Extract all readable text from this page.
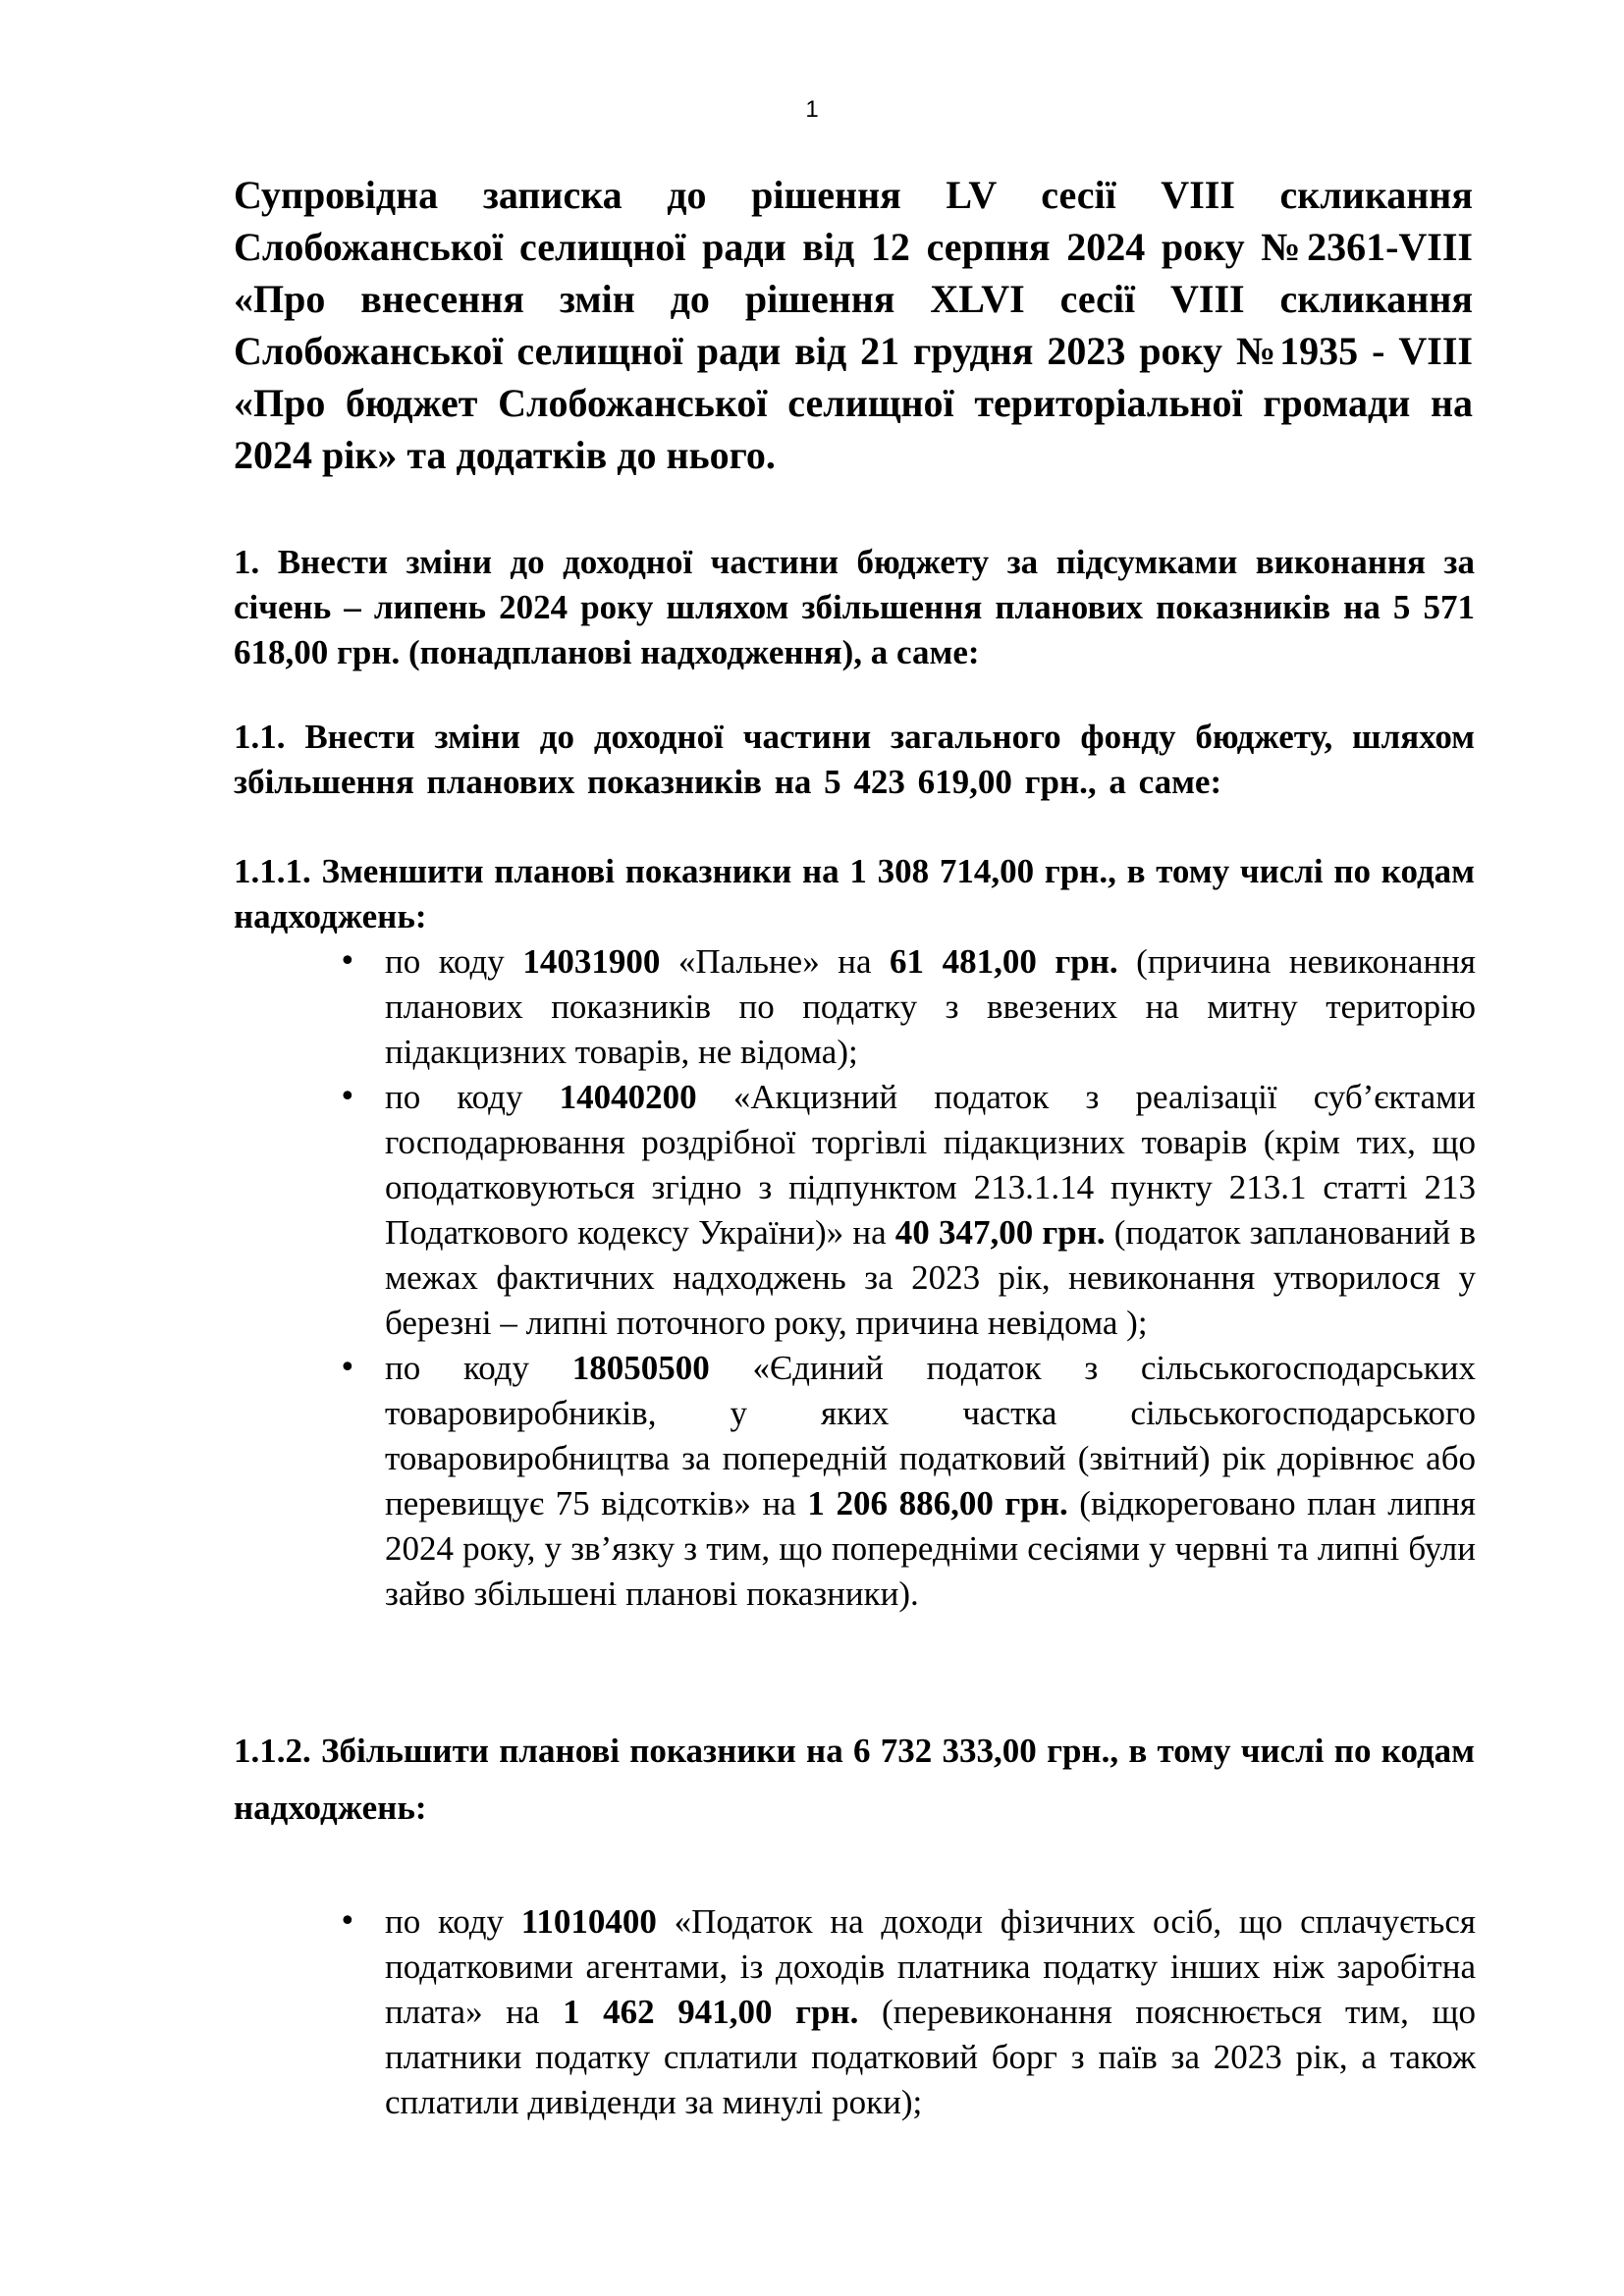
1
Супровідна записка до рішення LV сесії VIII скликання Слобожанської селищної ради від 12 серпня 2024 року №2361-VIII «Про внесення змін до рішення XLVI сесії VIII скликання Слобожанської селищної ради від 21 грудня 2023 року №1935 - VIII «Про бюджет Слобожанської селищної територіальної громади на 2024 рік» та додатків до нього.

1. Внести зміни до доходної частини бюджету за підсумками виконання за січень – липень 2024 року шляхом збільшення планових показників на 5 571 618,00 грн. (понадпланові надходження), а саме:

1.1. Внести зміни до доходної частини загального фонду бюджету, шляхом збільшення планових показників на 5 423 619,00 грн., а саме:

1.1.1. Зменшити планові показники на 1 308 714,00 грн., в тому числі по кодам надходжень:

• по коду 14031900 «Пальне» на 61 481,00 грн. (причина невиконання планових показників по податку з ввезених на митну територію підакцизних товарів, не відома);
• по коду 14040200 «Акцизний податок з реалізації суб’єктами господарювання роздрібної торгівлі підакцизних товарів (крім тих, що оподатковуються згідно з підпунктом 213.1.14 пункту 213.1 статті 213 Податкового кодексу України)» на 40 347,00 грн. (податок запланований в межах фактичних надходжень за 2023 рік, невиконання утворилося у березні – липні поточного року, причина невідома );
• по коду 18050500 «Єдиний податок з сільськогосподарських товаровиробників, у яких частка сільськогосподарського товаровиробництва за попередній податковий (звітний) рік дорівнює або перевищує 75 відсотків» на 1 206 886,00 грн. (відкореговано план липня 2024 року, у зв’язку з тим, що попередніми сесіями у червні та липні були зайво збільшені планові показники).

1.1.2. Збільшити планові показники на 6 732 333,00 грн., в тому числі по кодам надходжень:

• по коду 11010400 «Податок на доходи фізичних осіб, що сплачується податковими агентами, із доходів платника податку інших ніж заробітна плата» на 1 462 941,00 грн. (перевиконання пояснюється тим, що платники податку сплатили податковий борг з паїв за 2023 рік, а також сплатили дивіденди за минулі роки);
